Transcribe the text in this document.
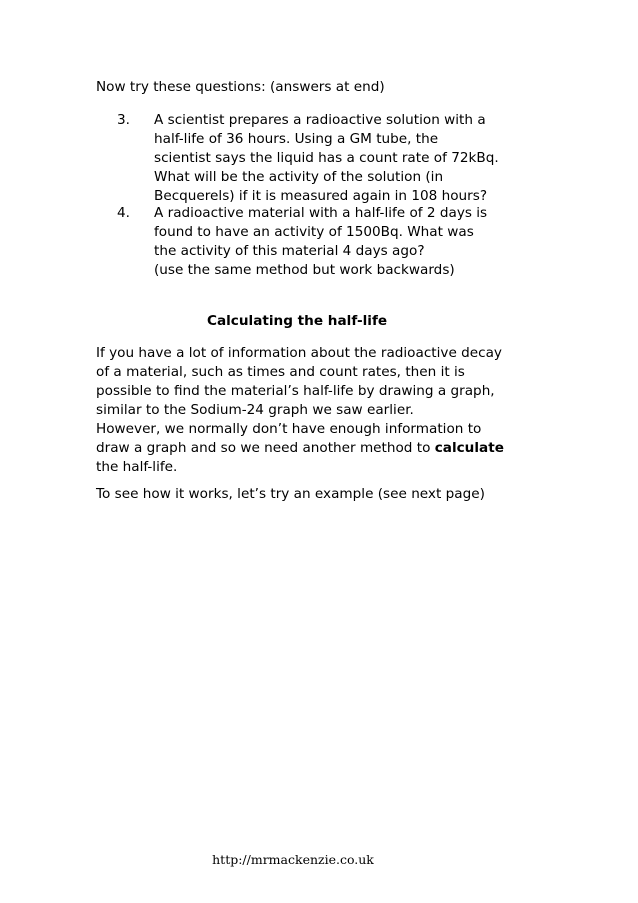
Now try these questions: (answers at end)

3. A scientist prepares a radioactive solution with a
half-life of 36 hours. Using a GM tube, the
scientist says the liquid has a count rate of 72kBq.
What will be the activity of the solution (in
Becquerels) if it is measured again in 108 hours?
4. A radioactive material with a half-life of 2 days is
found to have an activity of 1500Bq. What was
the activity of this material 4 days ago?
(use the same method but work backwards)
Calculating the half-life

If you have a lot of information about the radioactive decay
of a material, such as times and count rates, then it is
possible to find the material’s half-life by drawing a graph,
similar to the Sodium-24 graph we saw earlier.

However, we normally don’t have enough information to
draw a graph and so we need another method to calculate
the half-life.

To see how it works, let’s try an example (see next page)

http://mrmackenzie.co.uk
